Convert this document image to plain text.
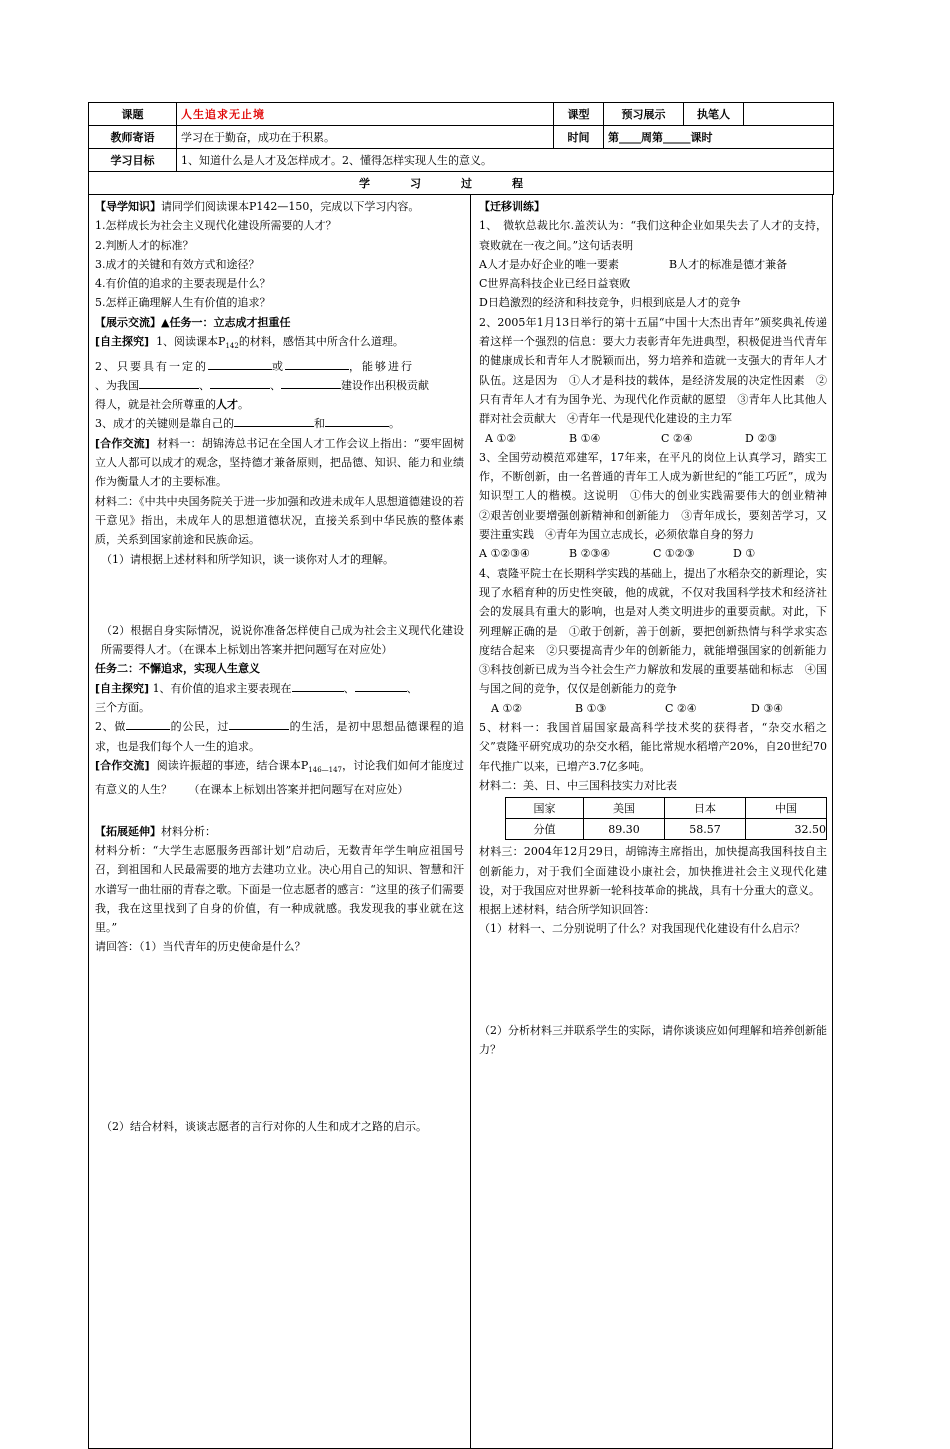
课题	人生追求无止境	课型	预习展示	执笔人	
教师寄语	学习在于勤奋，成功在于积累。	时间	第____周第_____课时		
学习目标	1、知道什么是人才及怎样成才。2、懂得怎样实现人生的意义。				
学习过程					

【导学知识】请同学们阅读课本P142—150，完成以下学习内容。

1.怎样成长为社会主义现代化建设所需要的人才？

2.判断人才的标准？

3.成才的关键和有效方式和途径？

4.有价值的追求的主要表现是什么？

5.怎样正确理解人生有价值的追求？

【展示交流】▲任务一：立志成才担重任

[自主探究] 1、阅读课本$P_{142}$的材料，感悟其中所含什么道理。

2、只要具有一定的	或	，能够进行

、为我国	、	、	建设作出积极贡献

得人，就是社会所尊重的人才。

3、成才的关键则是靠自己的	和	。

[合作交流] 材料一：胡锦涛总书记在全国人才工作会议上指出：“要牢固树立人人都可以成才的观念，坚持德才兼备原则，把品德、知识、能力和业绩作为衡量人才的主要标准。

材料二：《中共中央国务院关于进一步加强和改进未成年人思想道德建设的若干意见》指出，未成年人的思想道德状况，直接关系到中华民族的整体素质，关系到国家前途和民族命运。

（1）请根据上述材料和所学知识，谈一谈你对人才的理解。

（2）根据自身实际情况，说说你准备怎样使自己成为社会主义现代化建设所需要得人才。（在课本上标划出答案并把问题写在对应处）

任务二：不懈追求，实现人生意义

[自主探究] 1、有价值的追求主要表现在	、	、

三个方面。

2、做	的公民，过	的生活，是初中思想品德课程的追求，也是我们每个人一生的追求。

[合作交流] 阅读许振超的事迹，结合课本$P_{146—147}$，讨论我们如何才能度过有意义的人生？　　（在课本上标划出答案并把问题写在对应处）

【拓展延伸】材料分析：

材料分析：“大学生志愿服务西部计划”启动后，无数青年学生响应祖国号召，到祖国和人民最需要的地方去建功立业。决心用自己的知识、智慧和汗水谱写一曲壮丽的青春之歌。下面是一位志愿者的感言：“这里的孩子们需要我，我在这里找到了自身的价值，有一种成就感。我发现我的事业就在这里。”

请回答：（1）当代青年的历史使命是什么？

（2）结合材料，谈谈志愿者的言行对你的人生和成才之路的启示。

【迁移训练】

1、　微软总裁比尔.盖茨认为：“我们这种企业如果失去了人才的支持，衰败就在一夜之间。”这句话表明

A人才是办好企业的唯一要素	B人才的标准是德才兼备

C世界高科技企业已经日益衰败

D日趋激烈的经济和科技竞争，归根到底是人才的竞争

2、2005年1月13日举行的第十五届“中国十大杰出青年”颁奖典礼传递着这样一个强烈的信息：要大力表彰青年先进典型，积极促进当代青年的健康成长和青年人才脱颖而出，努力培养和造就一支强大的青年人才队伍。这是因为　①人才是科技的载体，是经济发展的决定性因素　②只有青年人才有为国争光、为现代化作贡献的愿望　③青年人比其他人群对社会贡献大　④青年一代是现代化建设的主力军

A ①②	B ①④	C ②④	D ②③

3、全国劳动模范邓建军，17年来，在平凡的岗位上认真学习，踏实工作，不断创新，由一名普通的青年工人成为新世纪的“能工巧匠”，成为知识型工人的楷模。这说明　①伟大的创业实践需要伟大的创业精神　②艰苦创业要增强创新精神和创新能力　③青年成长，要刻苦学习，又要注重实践　④青年为国立志成长，必须依靠自身的努力

A ①②③④	B ②③④	C ①②③	D ①

4、袁隆平院士在长期科学实践的基础上，提出了水稻杂交的新理论，实现了水稻育种的历史性突破，他的成就，不仅对我国科学技术和经济社会的发展具有重大的影响，也是对人类文明进步的重要贡献。对此，下列理解正确的是　①敢于创新，善于创新，要把创新热情与科学求实态度结合起来　②只要提高青少年的创新能力，就能增强国家的创新能力　③科技创新已成为当今社会生产力解放和发展的重要基础和标志　④国与国之间的竞争，仅仅是创新能力的竞争

A ①②	B ①③	C ②④	D ③④

5、材料一：我国首届国家最高科学技术奖的获得者，“杂交水稻之父”袁隆平研究成功的杂交水稻，能比常规水稻增产20%，自20世纪70年代推广以来，已增产3.7亿多吨。

材料二：美、日、中三国科技实力对比表

国家	美国	日本	中国
分值	89.30	58.57	32.50

材料三：2004年12月29日，胡锦涛主席指出，加快提高我国科技自主创新能力，对于我们全面建设小康社会，加快推进社会主义现代化建设，对于我国应对世界新一轮科技革命的挑战，具有十分重大的意义。

根据上述材料，结合所学知识回答：

（1）材料一、二分别说明了什么？对我国现代化建设有什么启示？

（2）分析材料三并联系学生的实际，请你谈谈应如何理解和培养创新能力？
